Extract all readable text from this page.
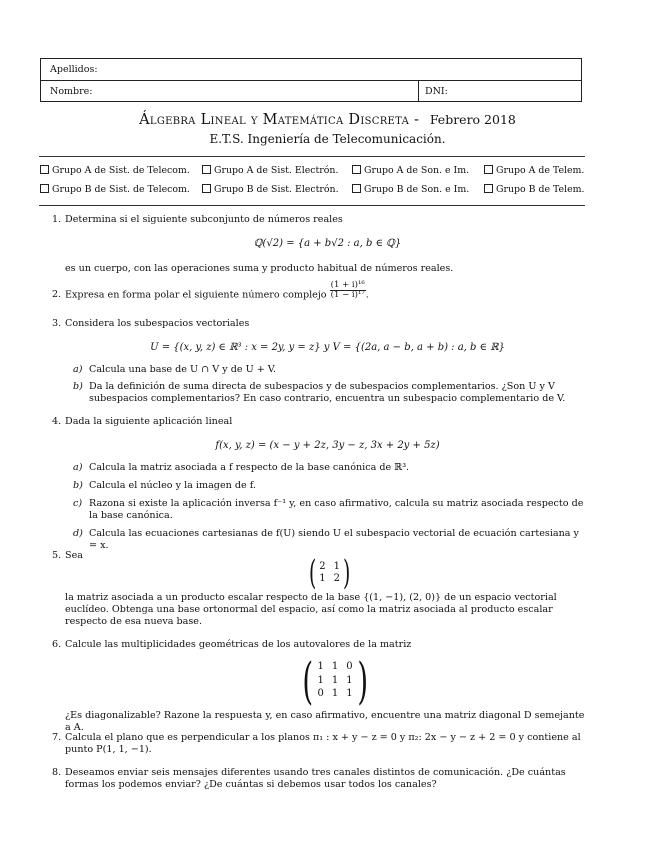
Apellidos:
Nombre:	DNI:
Álgebra Lineal y Matemática Discreta - Febrero 2018
E.T.S. Ingeniería de Telecomunicación.
Grupo A de Sist. de Telecom.	Grupo A de Sist. Electrón.	Grupo A de Son. e Im.	Grupo A de Telem.
Grupo B de Sist. de Telecom.	Grupo B de Sist. Electrón.	Grupo B de Son. e Im.	Grupo B de Telem.
1. Determina si el siguiente subconjunto de números reales
ℚ(√2) = {a + b√2 : a, b ∈ ℚ}
es un cuerpo, con las operaciones suma y producto habitual de números reales.
2. Expresa en forma polar el siguiente número complejo $\frac{\text{(1 + i)¹⁶}}{\text{(1 − i)¹⁷}}$ .
3. Considera los subespacios vectoriales
U = {(x, y, z) ∈ ℝ³ : x = 2y, y = z} y V = {(2a, a − b, a + b) : a, b ∈ ℝ}
a) Calcula una base de U ∩ V y de U + V.
b) Da la definición de suma directa de subespacios y de subespacios complementarios. ¿Son U y V subespacios complementarios? En caso contrario, encuentra un subespacio complementario de V.
4. Dada la siguiente aplicación lineal
f(x, y, z) = (x − y + 2z, 3y − z, 3x + 2y + 5z)
a) Calcula la matriz asociada a f respecto de la base canónica de ℝ³.
b) Calcula el núcleo y la imagen de f.
c) Razona si existe la aplicación inversa f⁻¹ y, en caso afirmativo, calcula su matriz asociada respecto de la base canónica.
d) Calcula las ecuaciones cartesianas de f(U) siendo U el subespacio vectorial de ecuación cartesiana y = x.
5. Sea	( 2 1
1 2 )
la matriz asociada a un producto escalar respecto de la base {(1, −1), (2, 0)} de un espacio vectorial euclídeo. Obtenga una base ortonormal del espacio, así como la matriz asociada al producto escalar respecto de esa nueva base.
6. Calcule las multiplicidades geométricas de los autovalores de la matriz
( 1 1 0
1 1 1
0 1 1 )
¿Es diagonalizable? Razone la respuesta y, en caso afirmativo, encuentre una matriz diagonal D semejante a A.
7. Calcula el plano que es perpendicular a los planos π₁ : x + y − z = 0 y π₂: 2x − y − z + 2 = 0 y contiene al punto P(1, 1, −1).
8. Deseamos enviar seis mensajes diferentes usando tres canales distintos de comunicación. ¿De cuántas formas los podemos enviar? ¿De cuántas si debemos usar todos los canales?
